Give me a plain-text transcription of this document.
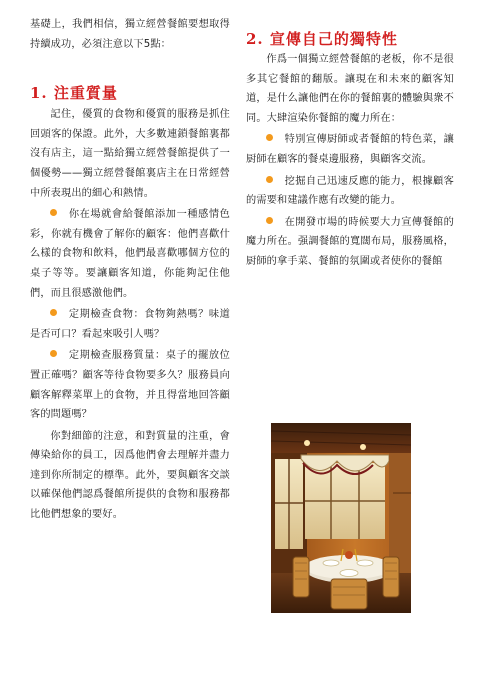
基礎上，我們相信，獨立經營餐館要想取得持續成功，必須注意以下5點：

1. 注重質量

記住，優質的食物和優質的服務是抓住回頭客的保證。此外，大多數連鎖餐館裏都沒有店主，這一點給獨立經營餐館提供了一個優勢——獨立經營餐館裏店主在日常經營中所表現出的細心和熱情。

你在場就會給餐館添加一種感情色彩，你就有機會了解你的顧客：他們喜歡什么樣的食物和飲料，他們最喜歡哪個方位的桌子等等。要讓顧客知道，你能夠記住他們，而且很感激他們。

定期檢查食物：食物夠熱嗎？味道是否可口？看起來吸引人嗎？

定期檢查服務質量：桌子的擺放位置正確嗎？顧客等待食物要多久？服務員向顧客解釋菜單上的食物，并且得當地回答顧客的問題嗎？

你對細節的注意，和對質量的注重，會傳染給你的員工，因爲他們會去理解并盡力達到你所制定的標準。此外，要與顧客交談以確保他們認爲餐館所提供的食物和服務都比他們想象的要好。

2. 宣傳自己的獨特性

作爲一個獨立經營餐館的老板，你不是很多其它餐館的翻版。讓現在和未來的顧客知道，是什么讓他們在你的餐館裏的體驗與衆不同。大肆渲染你餐館的魔力所在：

特別宣傳厨師或者餐館的特色菜，讓厨師在顧客的餐桌邊服務，與顧客交流。

挖掘自己迅速反應的能力，根據顧客的需要和建議作應有改變的能力。

在開發市場的時候要大力宣傳餐館的魔力所在。强調餐館的寬闊布局，服務風格，厨師的拿手菜、餐館的氛圍或者使你的餐館
